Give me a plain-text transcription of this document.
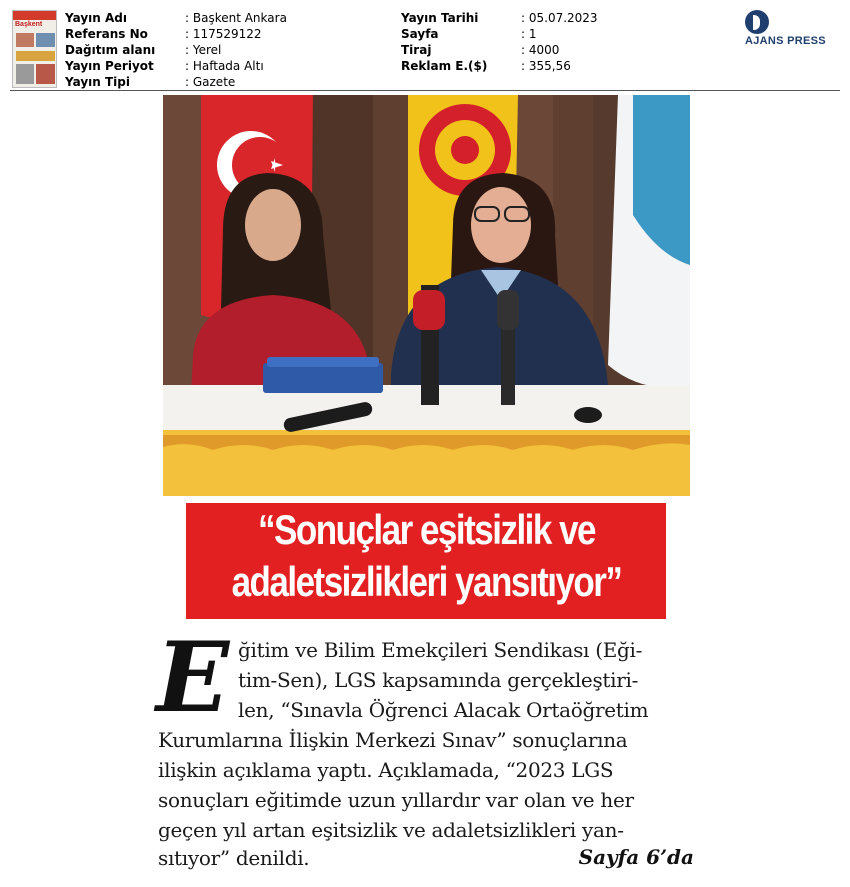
Başkent	Yayın Adı	: Başkent Ankara
Referans No	: 117529122
Dağıtım alanı	: Yerel
Yayın Periyot	: Haftada Altı
Yayın Tipi	: Gazete
Yayın Tarihi	: 05.07.2023
Sayfa	: 1
Tiraj	: 4000
Reklam E.($)	: 355,56
AJANS PRESS
“Sonuçlar eşitsizlik ve
adaletsizlikleri yansıtıyor”
E ğitim ve Bilim Emekçileri Sendikası (Eği-
tim-Sen), LGS kapsamında gerçekleştiri-
len, “Sınavla Öğrenci Alacak Ortaöğretim
Kurumlarına İlişkin Merkezi Sınav” sonuçlarına
ilişkin açıklama yaptı. Açıklamada, “2023 LGS
sonuçları eğitimde uzun yıllardır var olan ve her
geçen yıl artan eşitsizlik ve adaletsizlikleri yan-
sıtıyor” denildi.	Sayfa 6’da
